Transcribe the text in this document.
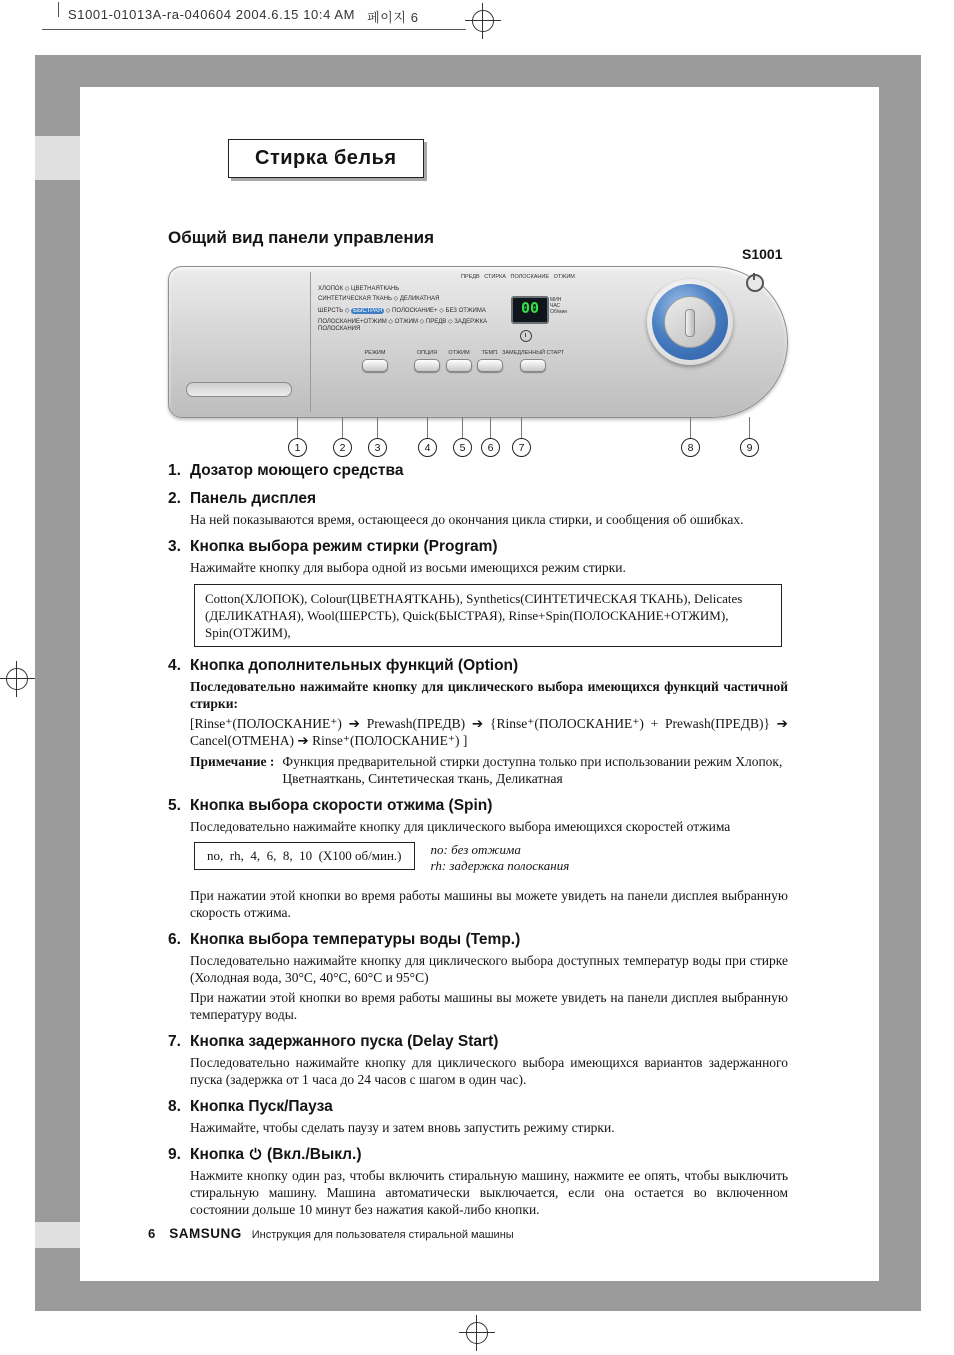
S1001-01013A-ra-040604 2004.6.15 10:4 AM 페이지 6
Стирка белья
Общий вид панели управления
S1001
ПРЕДВ   СТИРКА   ПОЛОСКАНИЕ   ОТЖИМ
ХЛОПОК ◇ ЦВЕТНАЯТКАНЬ
СИНТЕТИЧЕСКАЯ ТКАНЬ ◇ ДЕЛИКАТНАЯ
ШЕРСТЬ ◇ БЫСТРАЯ ◇ ПОЛОСКАНИЕ+ ◇ БЕЗ ОТЖИМА
ПОЛОСКАНИЕ+ОТЖИМ ◇ ОТЖИМ ◇ ПРЕДВ ◇ ЗАДЕРЖКА ПОЛОСКАНИЯ
00	МИН

ЧАС

Об/мин

РЕЖИМ	ОПЦИЯ	ОТЖИМ	ТЕМП. ЗАМЕДЛЕННЫЙ СТАРТ
1	2	3	4	5	6	7	8	9
1. Дозатор моющего средства
2. Панель дисплея

На ней показываются время, остающееся до окончания цикла стирки, и сообщения об ошибках.

3. Кнопка выбора режим стирки (Program)

Нажимайте кнопку для выбора одной из восьми имеющихся режим стирки.

Cotton(ХЛОПОК), Colour(ЦВЕТНАЯТКАНЬ), Synthetics(СИНТЕТИЧЕСКАЯ ТКАНЬ), Delicates (ДЕЛИКАТНАЯ), Wool(ШЕРСТЬ), Quick(БЫСТРАЯ), Rinse+Spin(ПОЛОСКАНИЕ+ОТЖИМ), Spin(ОТЖИМ),
4. Кнопка дополнительных функций (Option)

Последовательно нажимайте кнопку для циклического выбора имеющихся функций частичной стирки:

[Rinse⁺(ПОЛОСКАНИЕ⁺) ➔ Prewash(ПРЕДВ) ➔ {Rinse⁺(ПОЛОСКАНИЕ⁺) + Prewash(ПРЕДВ)} ➔ Cancel(ОТМЕНА) ➔ Rinse⁺(ПОЛОСКАНИЕ⁺) ]

Примечание : Функция предварительной стирки доступна только при использовании режим Хлопок, Цветнаяткань, Синтетическая ткань, Деликатная

5. Кнопка выбора скорости отжима (Spin)

Последовательно нажимайте кнопку для циклического выбора имеющихся скоростей отжима

no,  rh,  4,  6,  8,  10  (X100 об/мин.)	no: без отжима

rh: задержка полоскания

При нажатии этой кнопки во время работы машины вы можете увидеть на панели дисплея выбранную скорость отжима.

6. Кнопка выбора температуры воды (Temp.)

Последовательно нажимайте кнопку для циклического выбора доступных температур воды при стирке (Холодная вода, 30°C, 40°C, 60°C и 95°C)

При нажатии этой кнопки во время работы машины вы можете увидеть на панели дисплея выбранную температуру воды.

7. Кнопка задержанного пуска (Delay Start)

Последовательно нажимайте кнопку для циклического выбора имеющихся вариантов задержанного пуска (задержка от 1 часа до 24 часов с шагом в один час).

8. Кнопка Пуск/Пауза

Нажимайте, чтобы сделать паузу и затем вновь запустить режиму стирки.

9. Кнопка (Вкл./Выкл.)

Нажмите кнопку один раз, чтобы включить стиральную машину, нажмите ее опять, чтобы выключить стиральную машину. Машина автоматически выключается, если она остается во включенном состоянии дольше 10 минут без нажатия какой-либо кнопки.

6 SAMSUNG Инструкция для пользователя стиральной машины
